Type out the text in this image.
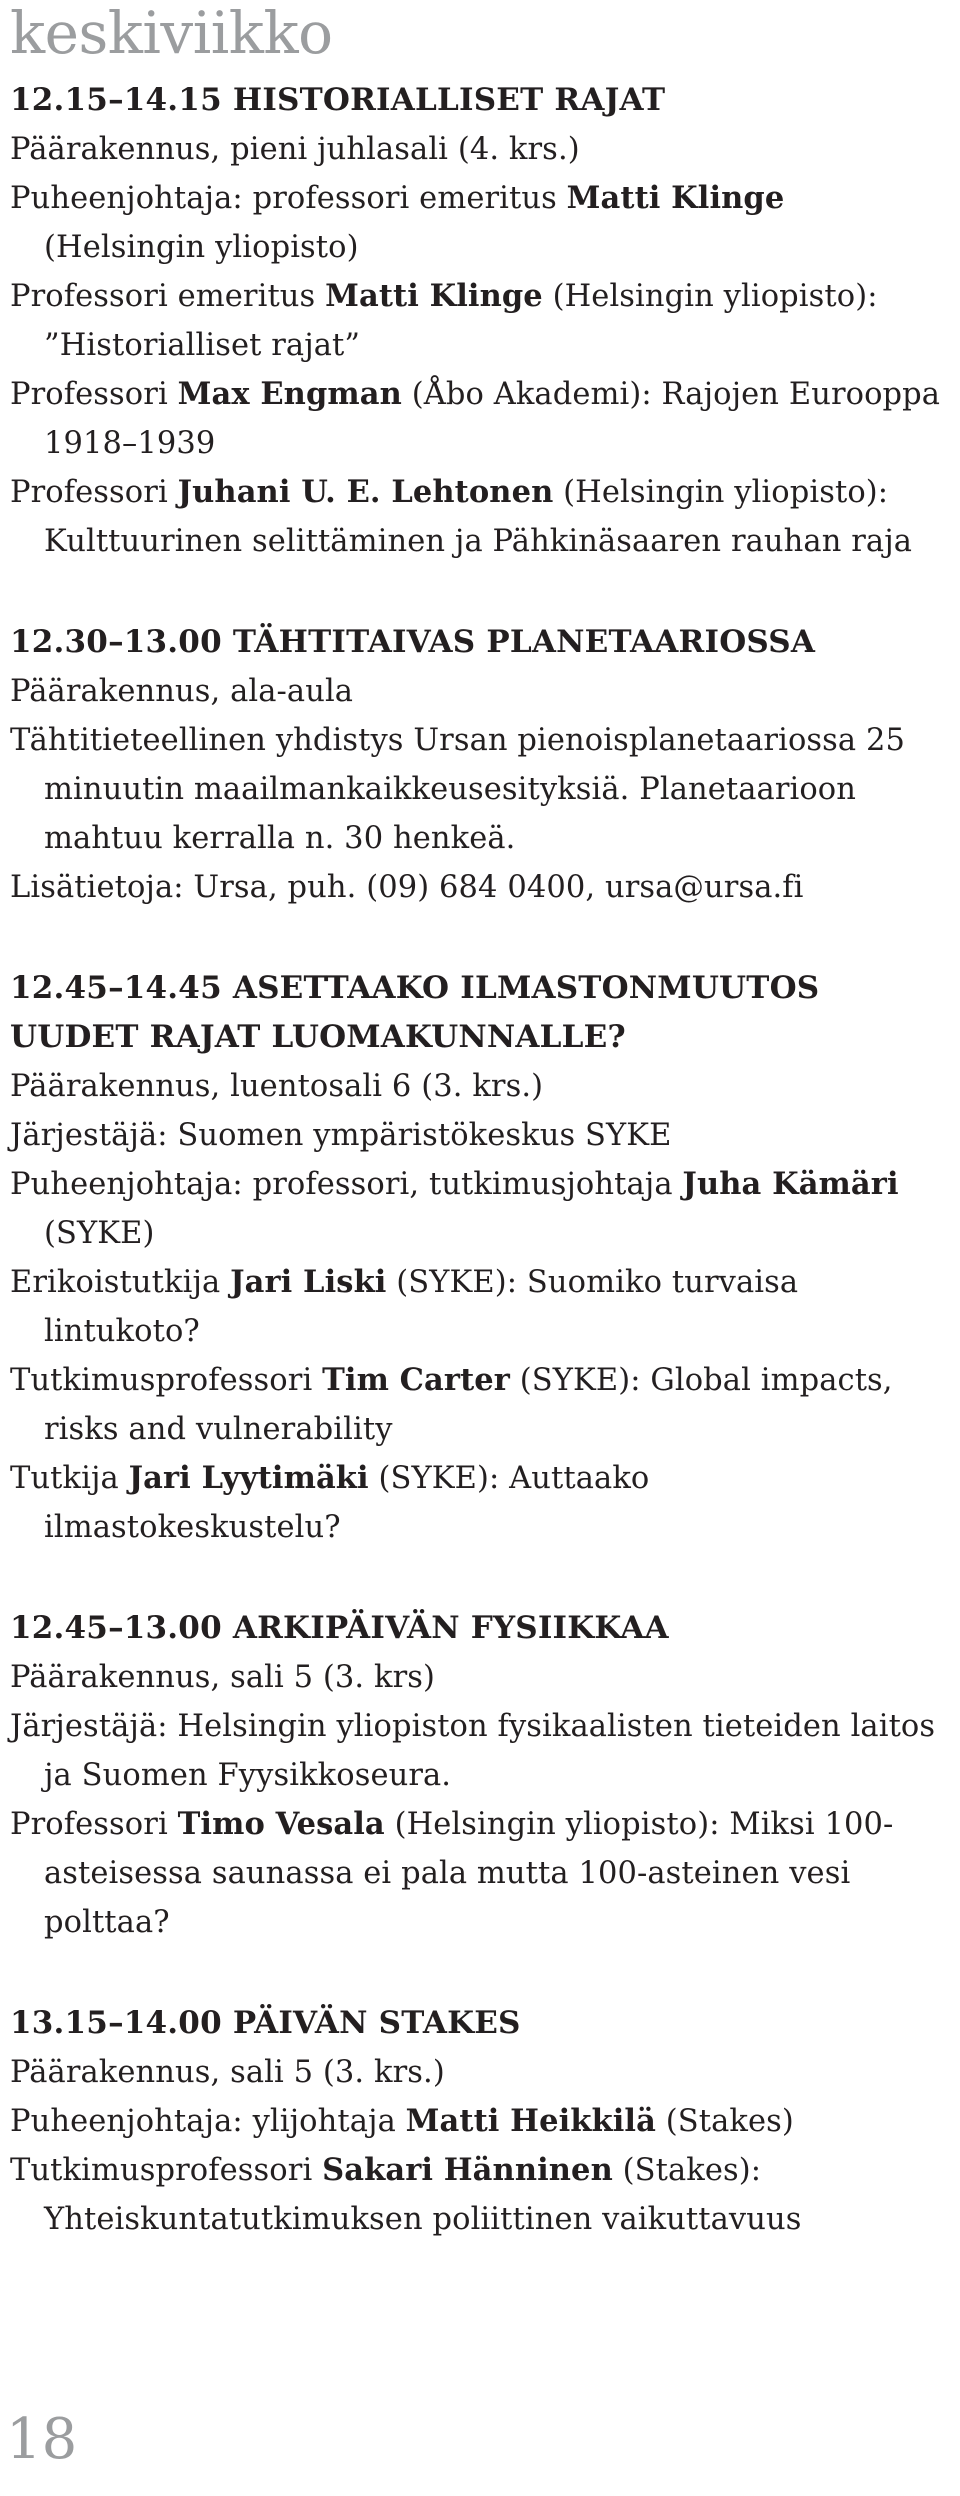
keskiviikko
12.15–14.15 HISTORIALLISET RAJAT

Päärakennus, pieni juhlasali (4. krs.)

Puheenjohtaja: professori emeritus Matti Klinge (Helsingin yliopisto)

Professori emeritus Matti Klinge (Helsingin yliopisto): ”Historialliset rajat”

Professori Max Engman (Åbo Akademi): Rajojen Eurooppa 1918–1939

Professori Juhani U. E. Lehtonen (Helsingin yliopisto): Kulttuurinen selittäminen ja Pähkinäsaaren rauhan raja

12.30–13.00 TÄHTITAIVAS PLANETAARIOSSA

Päärakennus, ala-aula

Tähtitieteellinen yhdistys Ursan pienoisplanetaariossa 25 minuutin maailmankaikkeusesityksiä. Planetaarioon mahtuu kerralla n. 30 henkeä.

Lisätietoja: Ursa, puh. (09) 684 0400, ursa@ursa.fi

12.45–14.45 ASETTAAKO ILMASTONMUUTOS UUDET RAJAT LUOMAKUNNALLE?

Päärakennus, luentosali 6 (3. krs.)

Järjestäjä: Suomen ympäristökeskus SYKE

Puheenjohtaja: professori, tutkimusjohtaja Juha Kämäri (SYKE)

Erikoistutkija Jari Liski (SYKE): Suomiko turvaisa lintukoto?

Tutkimusprofessori Tim Carter (SYKE): Global impacts, risks and vulnerability

Tutkija Jari Lyytimäki (SYKE): Auttaako ilmastokeskustelu?

12.45–13.00 ARKIPÄIVÄN FYSIIKKAA

Päärakennus, sali 5 (3. krs)

Järjestäjä: Helsingin yliopiston fysikaalisten tieteiden laitos ja Suomen Fyysikkoseura.

Professori Timo Vesala (Helsingin yliopisto): Miksi 100-asteisessa saunassa ei pala mutta 100-asteinen vesi polttaa?

13.15–14.00 PÄIVÄN STAKES

Päärakennus, sali 5 (3. krs.)

Puheenjohtaja: ylijohtaja Matti Heikkilä (Stakes)

Tutkimusprofessori Sakari Hänninen (Stakes): Yhteiskuntatutkimuksen poliittinen vaikuttavuus

18
